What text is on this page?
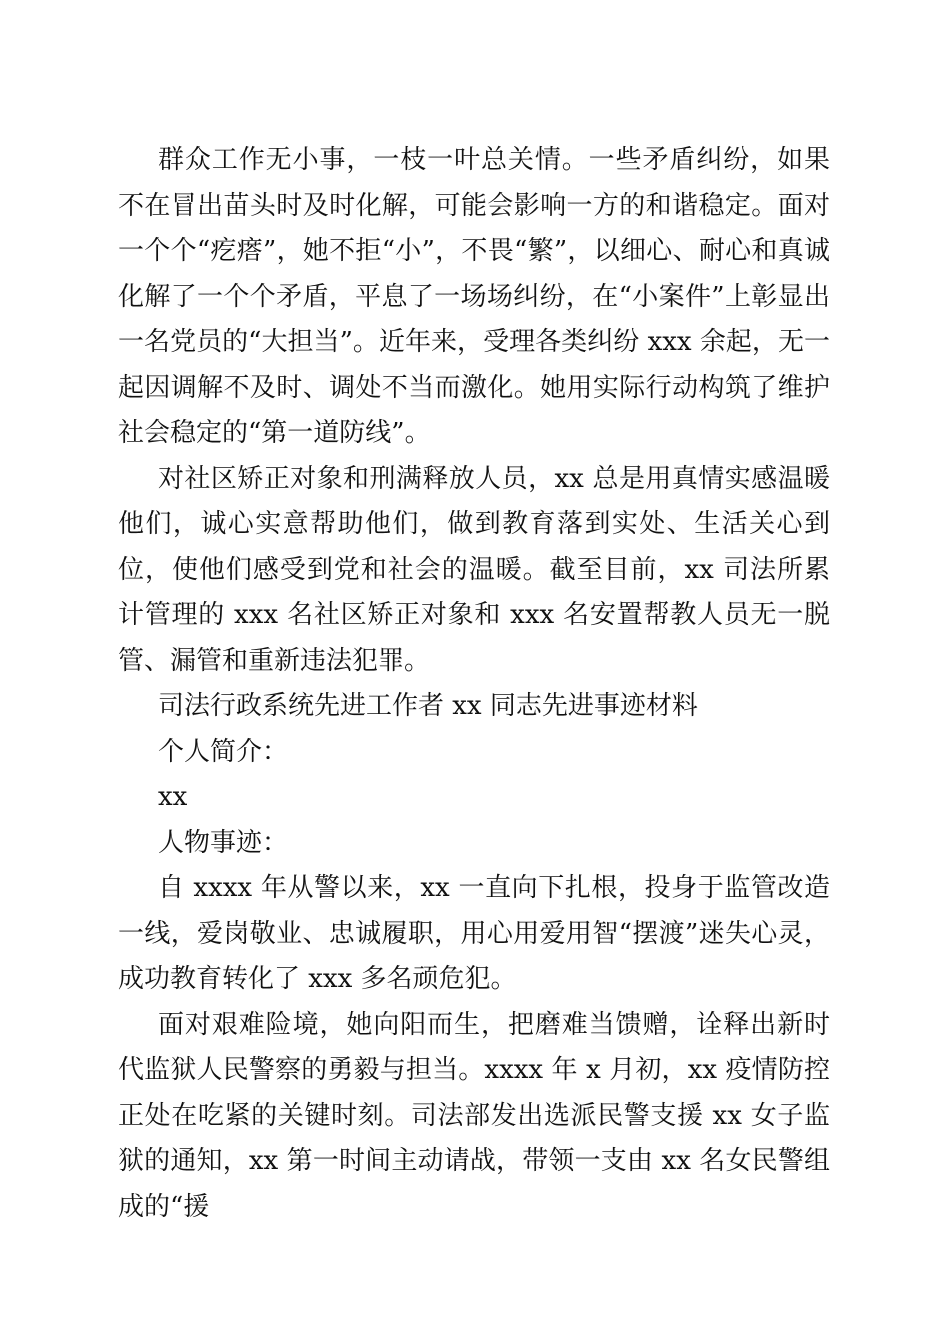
群众工作无小事，一枝一叶总关情。一些矛盾纠纷，如果不在冒出苗头时及时化解，可能会影响一方的和谐稳定。面对一个个“疙瘩”，她不拒“小”，不畏“繁”，以细心、耐心和真诚化解了一个个矛盾，平息了一场场纠纷，在“小案件”上彰显出一名党员的“大担当”。近年来，受理各类纠纷 xxx 余起，无一起因调解不及时、调处不当而激化。她用实际行动构筑了维护社会稳定的“第一道防线”。

对社区矫正对象和刑满释放人员，xx 总是用真情实感温暖他们，诚心实意帮助他们，做到教育落到实处、生活关心到位，使他们感受到党和社会的温暖。截至目前，xx 司法所累计管理的 xxx 名社区矫正对象和 xxx 名安置帮教人员无一脱管、漏管和重新违法犯罪。

司法行政系统先进工作者 xx 同志先进事迹材料

个人简介：

xx

人物事迹：

自 xxxx 年从警以来，xx 一直向下扎根，投身于监管改造一线，爱岗敬业、忠诚履职，用心用爱用智“摆渡”迷失心灵，成功教育转化了 xxx 多名顽危犯。

面对艰难险境，她向阳而生，把磨难当馈赠，诠释出新时代监狱人民警察的勇毅与担当。xxxx 年 x 月初，xx 疫情防控正处在吃紧的关键时刻。司法部发出选派民警支援 xx 女子监狱的通知，xx 第一时间主动请战，带领一支由 xx 名女民警组成的“援
